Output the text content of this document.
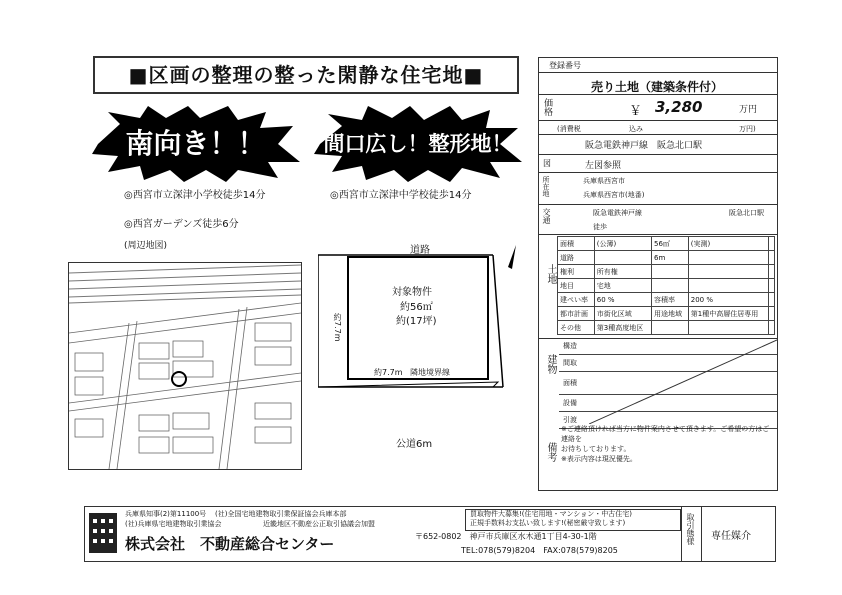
■区画の整理の整った閑静な住宅地■
南向き！！	間口広し！整形地！
◎西宮市立深津小学校徒歩14分	◎西宮市立深津中学校徒歩14分
◎西宮ガーデンズ徒歩6分
(周辺地図)	道路
対象物件
約56㎡
約(17坪)
約7.7m 隣地境界線
約7.7m
公道6m
登録番号
売り土地（建築条件付）
価格	￥ 3,280	万円
(消費税	込み	万円)
阪急電鉄神戸線　阪急北口駅
図	左図参照
所在地	兵庫県西宮市
兵庫県西宮市(地番)
交通	阪急電鉄神戸線	阪急北口駅
徒歩
土地
面積	(公簿)	56㎡	(実測)	
道路		6m		
権利	所有権			
地目	宅地			
建ぺい率	60 %	容積率	200 %	
都市計画	市街化区域	用途地域	第1種中高層住居専用	
その他	第3種高度地区			
建物
構造
間取
面積
設備
引渡
備考
※ご連絡頂ければ当方に物件案内させて頂きます。ご希望の方はご連絡を
お待ちしております。
※表示内容は現況優先。
兵庫県知事(2)第11100号 (社)全国宅地建物取引業保証協会兵庫本部
(社)兵庫県宅地建物取引業協会	近畿地区不動産公正取引協議会加盟
株式会社　不動産総合センター	〒652-0802　神戸市兵庫区水木通1丁目4-30-1階
TEL:078(579)8204　FAX:078(579)8205
買取物件大募集!(住宅用地・マンション・中古住宅)
正規手数料お支払い致します!(秘密厳守致します)	取引態様 専任媒介
